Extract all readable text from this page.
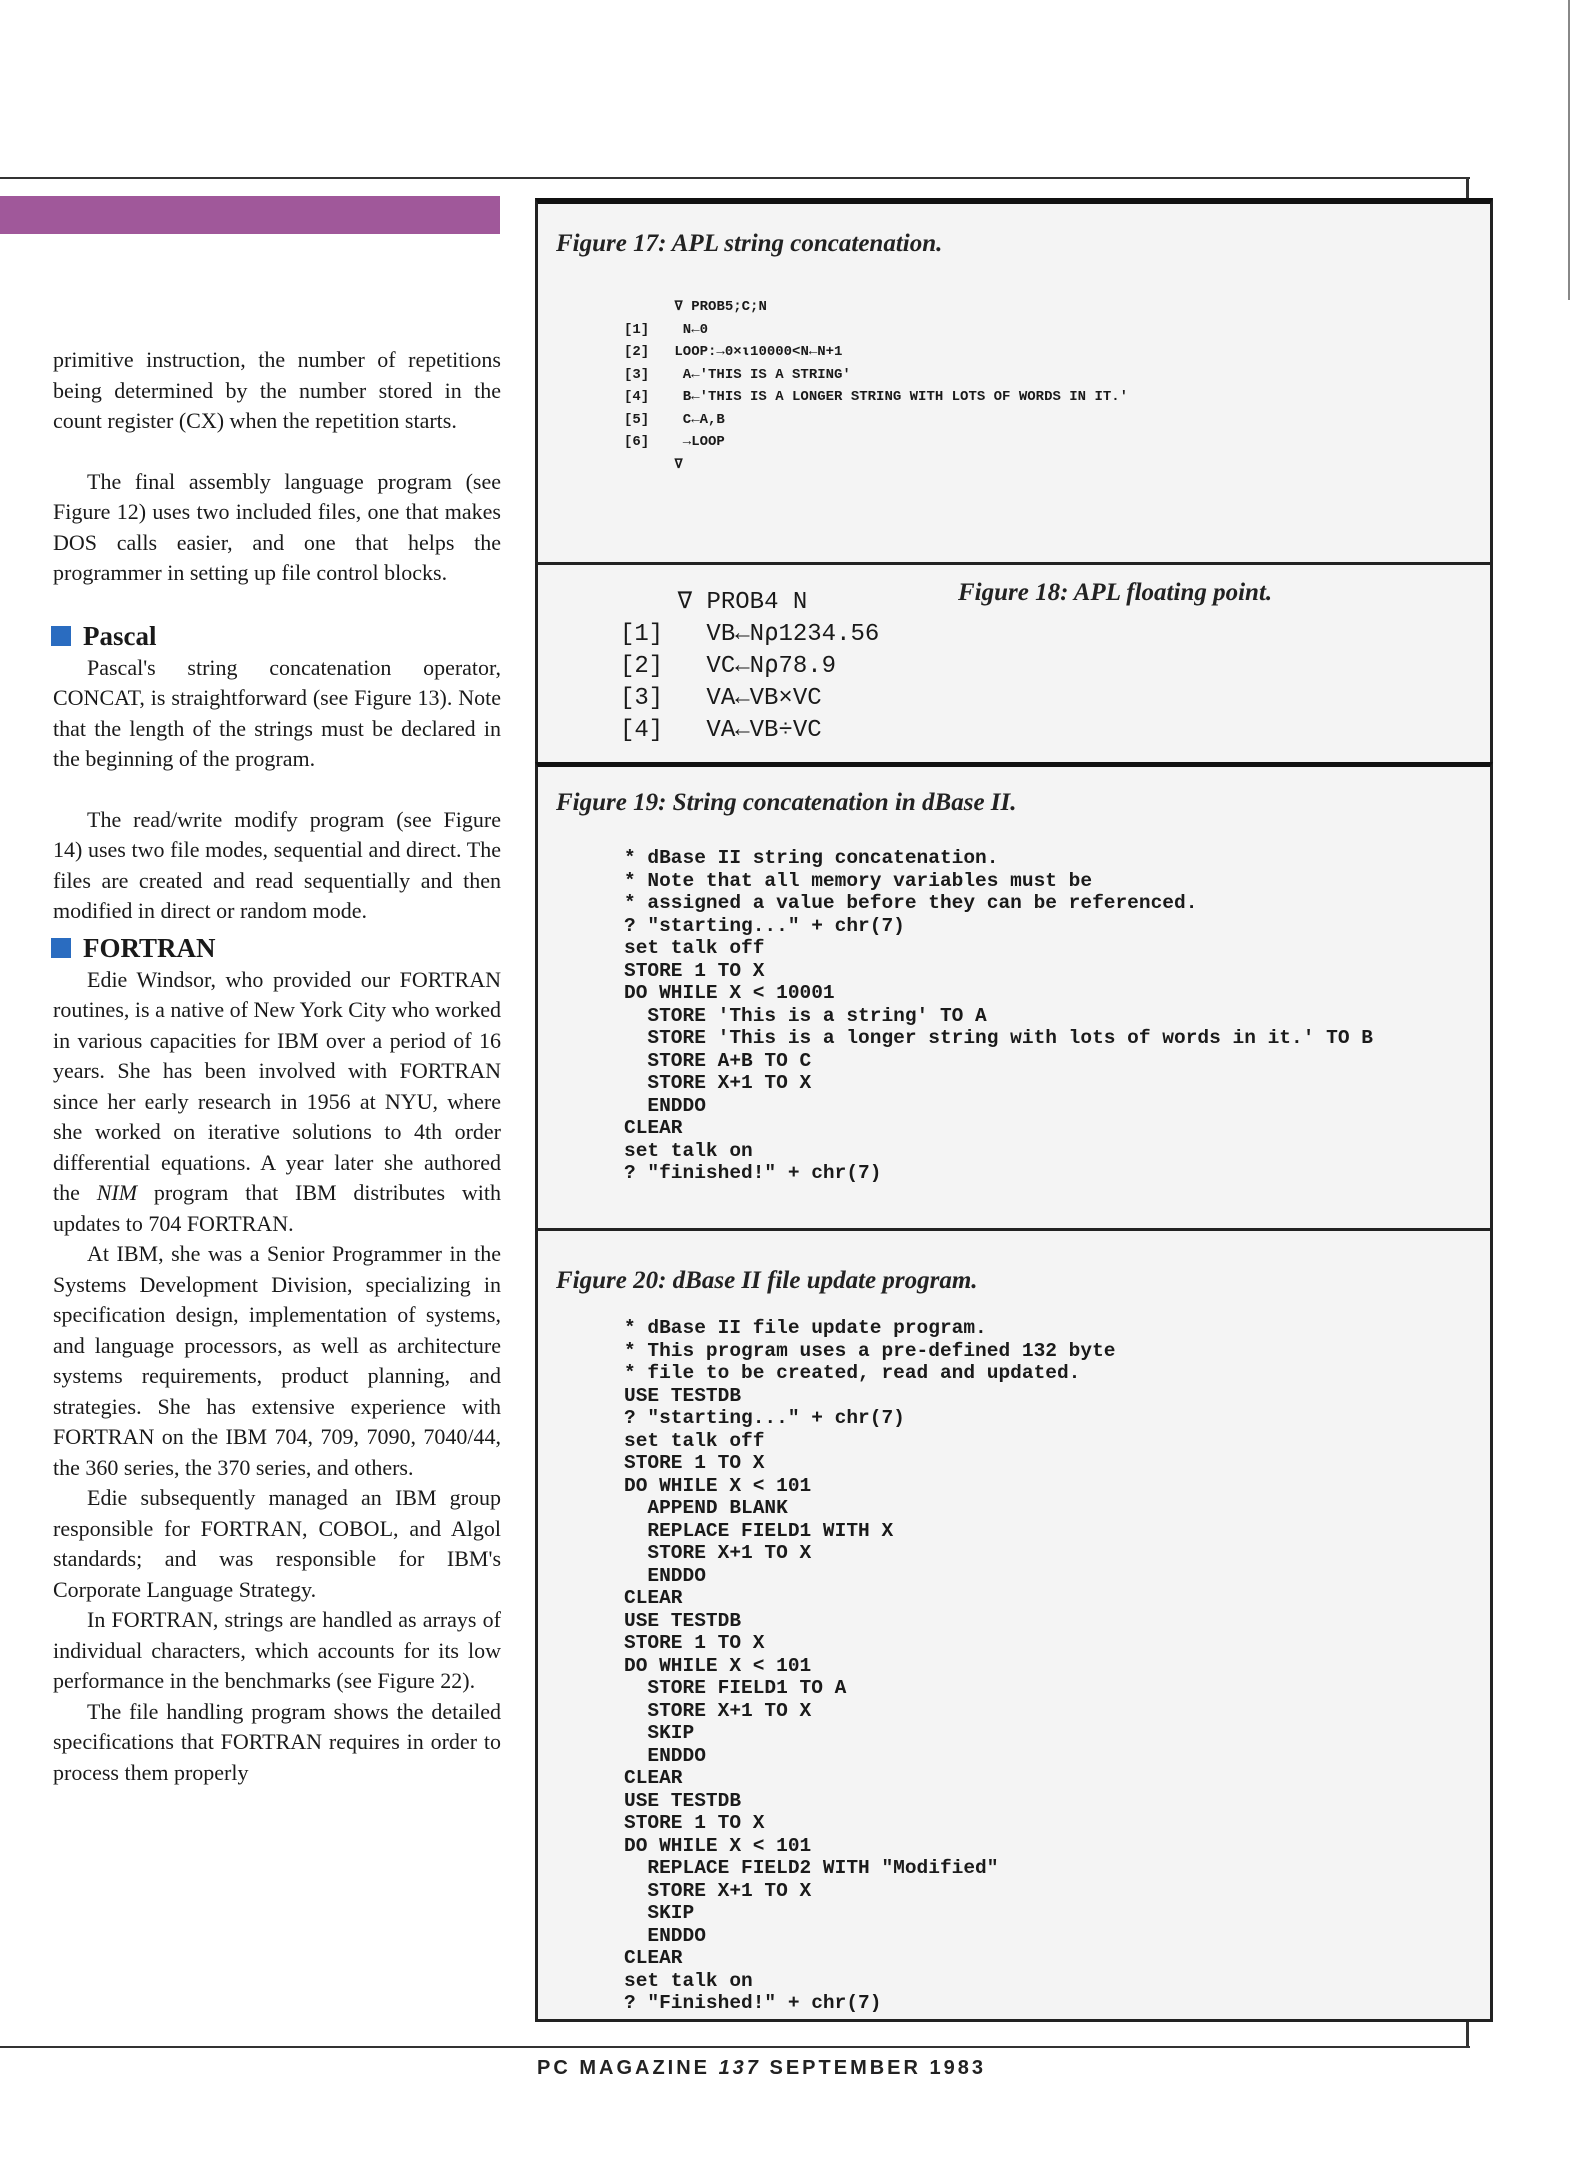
primitive instruction, the number of repetitions being determined by the number stored in the count register (CX) when the repetition starts.

The final assembly language program (see Figure 12) uses two included files, one that makes DOS calls easier, and one that helps the programmer in setting up file control blocks.

Pascal

Pascal's string concatenation operator, CONCAT, is straightforward (see Figure 13). Note that the length of the strings must be declared in the beginning of the program.

The read/write modify program (see Figure 14) uses two file modes, sequential and direct. The files are created and read sequentially and then modified in direct or random mode.

FORTRAN

Edie Windsor, who provided our FORTRAN routines, is a native of New York City who worked in various capacities for IBM over a period of 16 years. She has been involved with FORTRAN since her early research in 1956 at NYU, where she worked on iterative solutions to 4th order differential equations. A year later she authored the NIM program that IBM distributes with updates to 704 FORTRAN.

At IBM, she was a Senior Programmer in the Systems Development Division, specializing in specification design, implementation of systems, and language processors, as well as architecture systems requirements, product planning, and strategies. She has extensive experience with FORTRAN on the IBM 704, 709, 7090, 7040/44, the 360 series, the 370 series, and others.

Edie subsequently managed an IBM group responsible for FORTRAN, COBOL, and Algol standards; and was responsible for IBM's Corporate Language Strategy.

In FORTRAN, strings are handled as arrays of individual characters, which accounts for its low performance in the benchmarks (see Figure 22).

The file handling program shows the detailed specifications that FORTRAN requires in order to process them properly

Figure 17: APL string concatenation.
∇ PROB5;C;N
[1]    N←0
[2]   LOOP:→0×⍳10000<N←N+1
[3]    A←'THIS IS A STRING'
[4]    B←'THIS IS A LONGER STRING WITH LOTS OF WORDS IN IT.'
[5]    C←A,B
[6]    →LOOP
∇
Figure 18: APL floating point.
∇ PROB4 N
[1]   VB←N⍴1234.56
[2]   VC←N⍴78.9
[3]   VA←VB×VC
[4]   VA←VB÷VC
Figure 19: String concatenation in dBase II.
* dBase II string concatenation.
* Note that all memory variables must be
* assigned a value before they can be referenced.
? "starting..." + chr(7)
set talk off
STORE 1 TO X
DO WHILE X < 10001
STORE 'This is a string' TO A
STORE 'This is a longer string with lots of words in it.' TO B
STORE A+B TO C
STORE X+1 TO X
ENDDO
CLEAR
set talk on
? "finished!" + chr(7)
Figure 20: dBase II file update program.
* dBase II file update program.
* This program uses a pre-defined 132 byte
* file to be created, read and updated.
USE TESTDB
? "starting..." + chr(7)
set talk off
STORE 1 TO X
DO WHILE X < 101
APPEND BLANK
REPLACE FIELD1 WITH X
STORE X+1 TO X
ENDDO
CLEAR
USE TESTDB
STORE 1 TO X
DO WHILE X < 101
STORE FIELD1 TO A
STORE X+1 TO X
SKIP
ENDDO
CLEAR
USE TESTDB
STORE 1 TO X
DO WHILE X < 101
REPLACE FIELD2 WITH "Modified"
STORE X+1 TO X
SKIP
ENDDO
CLEAR
set talk on
? "Finished!" + chr(7)
PC MAGAZINE 137 SEPTEMBER 1983
